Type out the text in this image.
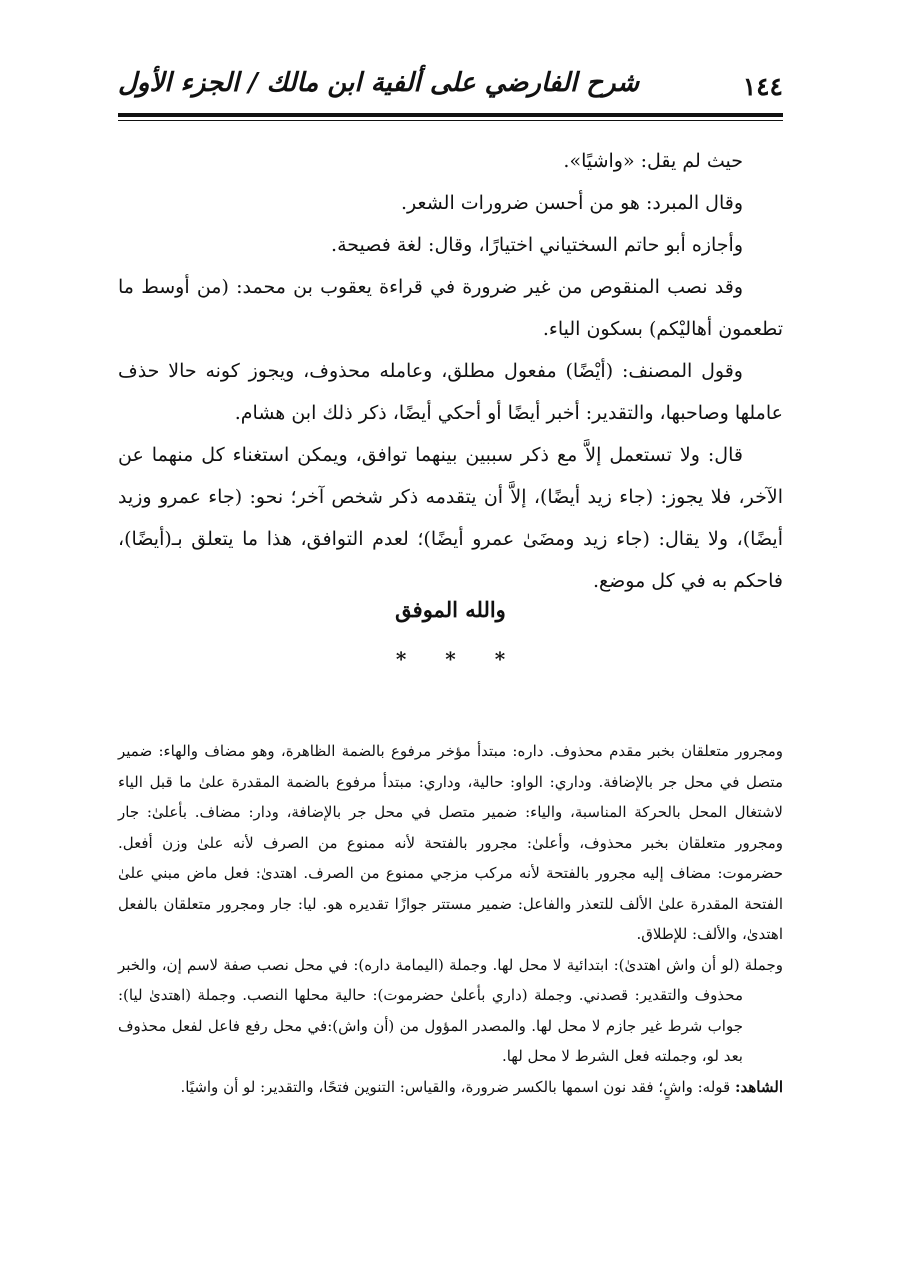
١٤٤
شرح الفارضي على ألفية ابن مالك / الجزء الأول

حيث لم يقل: «واشيًا».

وقال المبرد: هو من أحسن ضرورات الشعر.

وأجازه أبو حاتم السختياني اختيارًا، وقال: لغة فصيحة.

وقد نصب المنقوص من غير ضرورة في قراءة يعقوب بن محمد: (من أوسط ما تطعمون أهاليْكم) بسكون الياء.

وقول المصنف: (أيْضًا) مفعول مطلق، وعامله محذوف، ويجوز كونه حالا حذف عاملها وصاحبها، والتقدير: أخبر أيضًا أو أحكي أيضًا، ذكر ذلك ابن هشام.

قال: ولا تستعمل إلاَّ مع ذكر سببين بينهما توافق، ويمكن استغناء كل منهما عن الآخر، فلا يجوز: (جاء زيد أيضًا)، إلاَّ أن يتقدمه ذكر شخص آخر؛ نحو: (جاء عمرو وزيد أيضًا)، ولا يقال: (جاء زيد ومضَىٰ عمرو أيضًا)؛ لعدم التوافق، هذا ما يتعلق بـ(أيضًا)، فاحكم به في كل موضع.

والله الموفق
* * *

ومجرور متعلقان بخبر مقدم محذوف. داره: مبتدأ مؤخر مرفوع بالضمة الظاهرة، وهو مضاف والهاء: ضمير متصل في محل جر بالإضافة. وداري: الواو: حالية، وداري: مبتدأ مرفوع بالضمة المقدرة علىٰ ما قبل الياء لاشتغال المحل بالحركة المناسبة، والياء: ضمير متصل في محل جر بالإضافة، ودار: مضاف. بأعلىٰ: جار ومجرور متعلقان بخبر محذوف، وأعلىٰ: مجرور بالفتحة لأنه ممنوع من الصرف لأنه علىٰ وزن أفعل. حضرموت: مضاف إليه مجرور بالفتحة لأنه مركب مزجي ممنوع من الصرف. اهتدىٰ: فعل ماض مبني علىٰ الفتحة المقدرة علىٰ الألف للتعذر والفاعل: ضمير مستتر جوازًا تقديره هو. ليا: جار ومجرور متعلقان بالفعل اهتدىٰ، والألف: للإطلاق.

وجملة (لو أن واش اهتدىٰ): ابتدائية لا محل لها. وجملة (اليمامة داره): في محل نصب صفة لاسم إن، والخبر محذوف والتقدير: قصدني. وجملة (داري بأعلىٰ حضرموت): حالية محلها النصب. وجملة (اهتدىٰ ليا): جواب شرط غير جازم لا محل لها. والمصدر المؤول من (أن واش):في محل رفع فاعل لفعل محذوف بعد لو، وجملته فعل الشرط لا محل لها.

الشاهد: قوله: واشٍ؛ فقد نون اسمها بالكسر ضرورة، والقياس: التنوين فتحًا، والتقدير: لو أن واشيًا.
